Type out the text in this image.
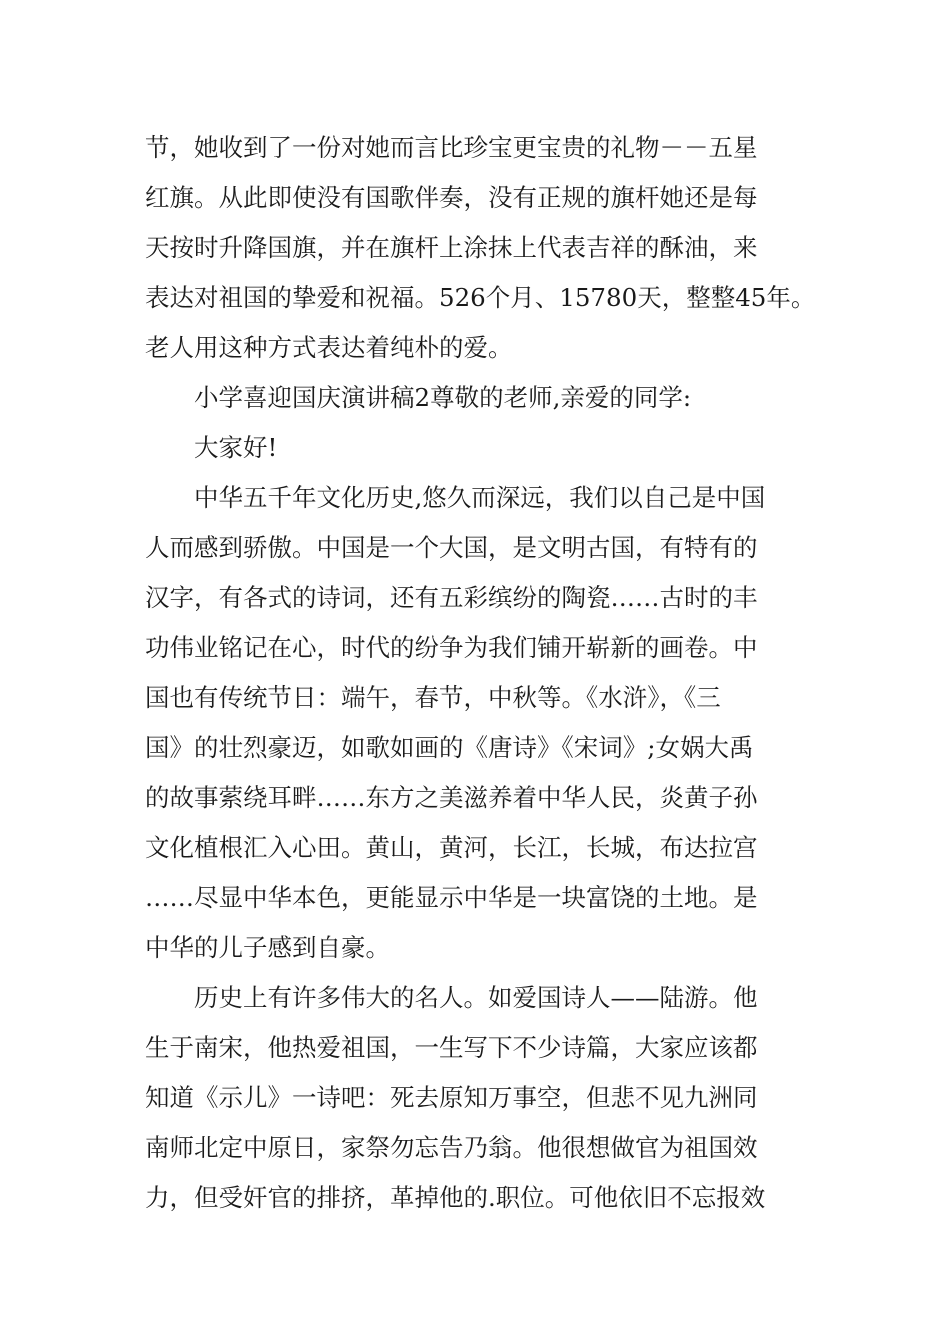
节，她收到了一份对她而言比珍宝更宝贵的礼物－－五星

红旗。从此即使没有国歌伴奏，没有正规的旗杆她还是每

天按时升降国旗，并在旗杆上涂抹上代表吉祥的酥油，来

表达对祖国的挚爱和祝福。526个月、15780天，整整45年。

老人用这种方式表达着纯朴的爱。

小学喜迎国庆演讲稿2尊敬的老师,亲爱的同学:

大家好!

中华五千年文化历史,悠久而深远，我们以自己是中国

人而感到骄傲。中国是一个大国，是文明古国，有特有的

汉字，有各式的诗词，还有五彩缤纷的陶瓷……古时的丰

功伟业铭记在心，时代的纷争为我们铺开崭新的画卷。中

国也有传统节日：端午，春节，中秋等。《水浒》，《三

国》的壮烈豪迈，如歌如画的《唐诗》《宋词》;女娲大禹

的故事萦绕耳畔……东方之美滋养着中华人民，炎黄子孙

文化植根汇入心田。黄山，黄河，长江，长城，布达拉宫

……尽显中华本色，更能显示中华是一块富饶的土地。是

中华的儿子感到自豪。

历史上有许多伟大的名人。如爱国诗人——陆游。他

生于南宋，他热爱祖国，一生写下不少诗篇，大家应该都

知道《示儿》一诗吧：死去原知万事空，但悲不见九洲同

南师北定中原日，家祭勿忘告乃翁。他很想做官为祖国效

力，但受奸官的排挤，革掉他的.职位。可他依旧不忘报效
